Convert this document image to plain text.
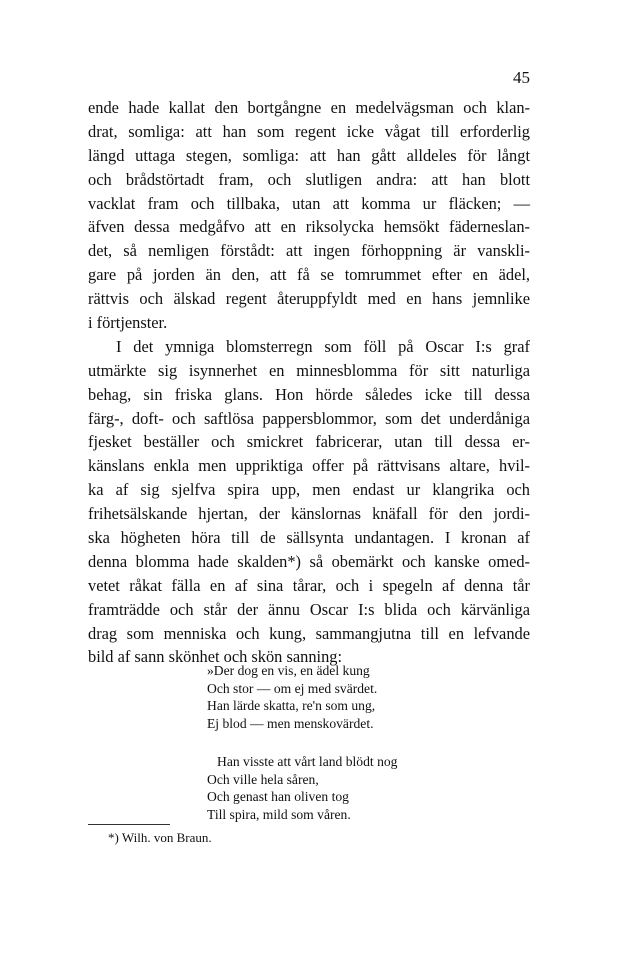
45
ende hade kallat den bortgångne en medelvägsman och klan-
drat, somliga: att han som regent icke vågat till erforderlig
längd uttaga stegen, somliga: att han gått alldeles för långt
och brådstörtadt fram, och slutligen andra: att han blott
vacklat fram och tillbaka, utan att komma ur fläcken; —
äfven dessa medgåfvo att en riksolycka hemsökt fäderneslan-
det, så nemligen förstådt: att ingen förhoppning är vanskli-
gare på jorden än den, att få se tomrummet efter en ädel,
rättvis och älskad regent återuppfyldt med en hans jemnlike
i förtjenster.
I det ymniga blomsterregn som föll på Oscar I:s graf
utmärkte sig isynnerhet en minnesblomma för sitt naturliga
behag, sin friska glans. Hon hörde således icke till dessa
färg-, doft- och saftlösa pappersblommor, som det underdåniga
fjesket beställer och smickret fabricerar, utan till dessa er-
känslans enkla men uppriktiga offer på rättvisans altare, hvil-
ka af sig sjelfva spira upp, men endast ur klangrika och
frihetsälskande hjertan, der känslornas knäfall för den jordi-
ska högheten höra till de sällsynta undantagen. I kronan af
denna blomma hade skalden*) så obemärkt och kanske omed-
vetet råkat fälla en af sina tårar, och i spegeln af denna tår
framträdde och står der ännu Oscar I:s blida och kärvänliga
drag som menniska och kung, sammangjutna till en lefvande
bild af sann skönhet och skön sanning:
»Der dog en vis, en ädel kung
Och stor — om ej med svärdet.
Han lärde skatta, re'n som ung,
Ej blod — men menskovärdet.
Han visste att vårt land blödt nog
Och ville hela såren,
Och genast han oliven tog
Till spira, mild som våren.
*) Wilh. von Braun.
